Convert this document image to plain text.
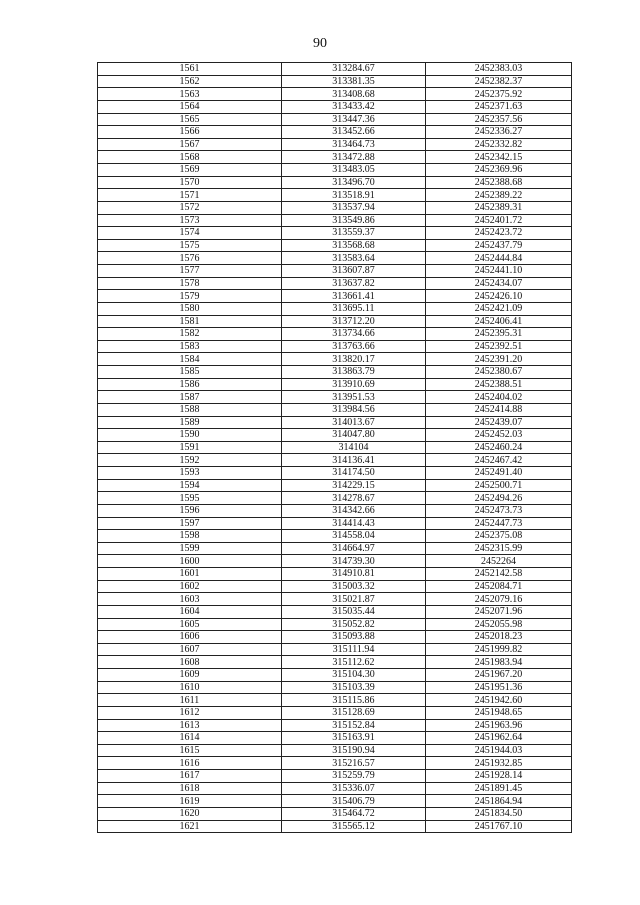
90
1561	313284.67	2452383.03
1562	313381.35	2452382.37
1563	313408.68	2452375.92
1564	313433.42	2452371.63
1565	313447.36	2452357.56
1566	313452.66	2452336.27
1567	313464.73	2452332.82
1568	313472.88	2452342.15
1569	313483.05	2452369.96
1570	313496.70	2452388.68
1571	313518.91	2452389.22
1572	313537.94	2452389.31
1573	313549.86	2452401.72
1574	313559.37	2452423.72
1575	313568.68	2452437.79
1576	313583.64	2452444.84
1577	313607.87	2452441.10
1578	313637.82	2452434.07
1579	313661.41	2452426.10
1580	313695.11	2452421.09
1581	313712.20	2452406.41
1582	313734.66	2452395.31
1583	313763.66	2452392.51
1584	313820.17	2452391.20
1585	313863.79	2452380.67
1586	313910.69	2452388.51
1587	313951.53	2452404.02
1588	313984.56	2452414.88
1589	314013.67	2452439.07
1590	314047.80	2452452.03
1591	314104	2452460.24
1592	314136.41	2452467.42
1593	314174.50	2452491.40
1594	314229.15	2452500.71
1595	314278.67	2452494.26
1596	314342.66	2452473.73
1597	314414.43	2452447.73
1598	314558.04	2452375.08
1599	314664.97	2452315.99
1600	314739.30	2452264
1601	314910.81	2452142.58
1602	315003.32	2452084.71
1603	315021.87	2452079.16
1604	315035.44	2452071.96
1605	315052.82	2452055.98
1606	315093.88	2452018.23
1607	315111.94	2451999.82
1608	315112.62	2451983.94
1609	315104.30	2451967.20
1610	315103.39	2451951.36
1611	315115.86	2451942.60
1612	315128.69	2451948.65
1613	315152.84	2451963.96
1614	315163.91	2451962.64
1615	315190.94	2451944.03
1616	315216.57	2451932.85
1617	315259.79	2451928.14
1618	315336.07	2451891.45
1619	315406.79	2451864.94
1620	315464.72	2451834.50
1621	315565.12	2451767.10
